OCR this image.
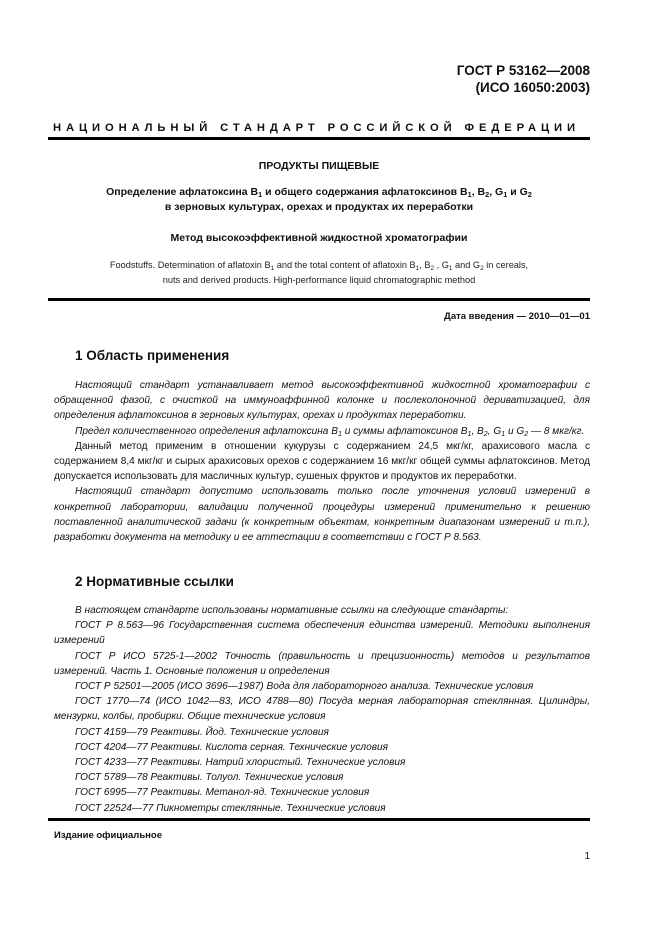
ГОСТ Р 53162—2008
(ИСО 16050:2003)
НАЦИОНАЛЬНЫЙ СТАНДАРТ РОССИЙСКОЙ ФЕДЕРАЦИИ
ПРОДУКТЫ ПИЩЕВЫЕ
Определение афлатоксина $B_1$ и общего содержания афлатоксинов $B_1$, $B_2$, $G_1$ и $G_2$
в зерновых культурах, орехах и продуктах их переработки
Метод высокоэффективной жидкостной хроматографии
Foodstuffs. Determination of aflatoxin $B_1$ and the total content of aflatoxin $B_1$, $B_2$ , $G_1$ and $G_2$ in cereals,
nuts and derived products. High-performance liquid chromatographic method
Дата введения — 2010—01—01
1 Область применения

Настоящий стандарт устанавливает метод высокоэффективной жидкостной хроматографии с обращенной фазой, с очисткой на иммуноаффинной колонке и послеколоночной дериватизацией, для определения афлатоксинов в зерновых культурах, орехах и продуктах переработки.

Предел количественного определения афлатоксина $B_1$ и суммы афлатоксинов $B_1$, $B_2$, $G_1$ и $G_2$ — 8 мкг/кг.

Данный метод применим в отношении кукурузы с содержанием 24,5 мкг/кг, арахисового масла с содержанием 8,4 мкг/кг и сырых арахисовых орехов с содержанием 16 мкг/кг общей суммы афлатоксинов. Метод допускается использовать для масличных культур, сушеных фруктов и продуктов их переработки.

Настоящий стандарт допустимо использовать только после уточнения условий измерений в конкретной лаборатории, валидации полученной процедуры измерений применительно к решению поставленной аналитической задачи (к конкретным объектам, конкретным диапазонам измерений и т.п.), разработки документа на методику и ее аттестации в соответствии с ГОСТ Р 8.563.

2 Нормативные ссылки

В настоящем стандарте использованы нормативные ссылки на следующие стандарты:

ГОСТ Р 8.563—96 Государственная система обеспечения единства измерений. Методики выполнения измерений

ГОСТ Р ИСО 5725-1—2002 Точность (правильность и прецизионность) методов и результатов измерений. Часть 1. Основные положения и определения

ГОСТ Р 52501—2005 (ИСО 3696—1987) Вода для лабораторного анализа. Технические условия

ГОСТ 1770—74 (ИСО 1042—83, ИСО 4788—80) Посуда мерная лабораторная стеклянная. Цилиндры, мензурки, колбы, пробирки. Общие технические условия

ГОСТ 4159—79 Реактивы. Йод. Технические условия

ГОСТ 4204—77 Реактивы. Кислота серная. Технические условия

ГОСТ 4233—77 Реактивы. Натрий хлористый. Технические условия

ГОСТ 5789—78 Реактивы. Толуол. Технические условия

ГОСТ 6995—77 Реактивы. Метанол-яд. Технические условия

ГОСТ 22524—77 Пикнометры стеклянные. Технические условия

Издание официальное
1
